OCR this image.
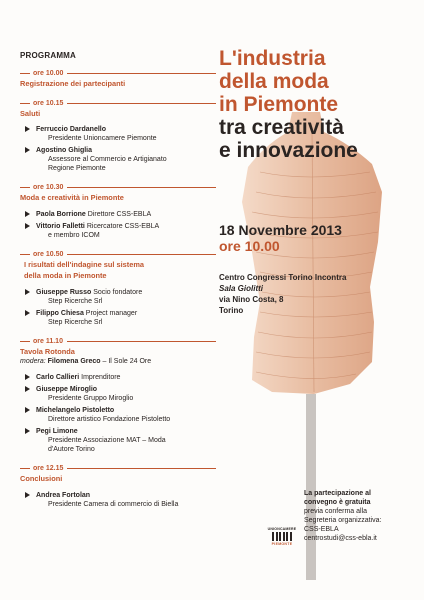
PROGRAMMA
ore 10.00
Registrazione dei partecipanti
ore 10.15
Saluti
Ferruccio Dardanello
Presidente Unioncamere Piemonte
Agostino Ghiglia
Assessore al Commercio e Artigianato
Regione Piemonte
ore 10.30
Moda e creatività in Piemonte
Paola Borrione Direttore CSS-EBLA
Vittorio Falletti Ricercatore CSS-EBLA
e membro ICOM
ore 10.50
I risultati dell'indagine sul sistema
della moda in Piemonte
Giuseppe Russo Socio fondatore
Step Ricerche Srl
Filippo Chiesa Project manager
Step Ricerche Srl
ore 11.10
Tavola Rotonda
modera: Filomena Greco – Il Sole 24 Ore
Carlo Callieri Imprenditore
Giuseppe Miroglio
Presidente Gruppo Miroglio
Michelangelo Pistoletto
Direttore artistico Fondazione Pistoletto
Pegi Limone
Presidente Associazione MAT – Moda
d'Autore Torino
ore 12.15
Conclusioni
Andrea Fortolan
Presidente Camera di commercio di Biella
L'industria
della moda
in Piemonte
tra creatività
e innovazione
18 Novembre 2013
ore 10.00
Centro Congressi Torino Incontra
Sala Giolitti
via Nino Costa, 8
Torino
UNIONCAMERE
PIEMONTE
La partecipazione al
convegno è gratuita
previa conferma alla
Segreteria organizzativa:
CSS-EBLA
centrostudi@css-ebla.it
